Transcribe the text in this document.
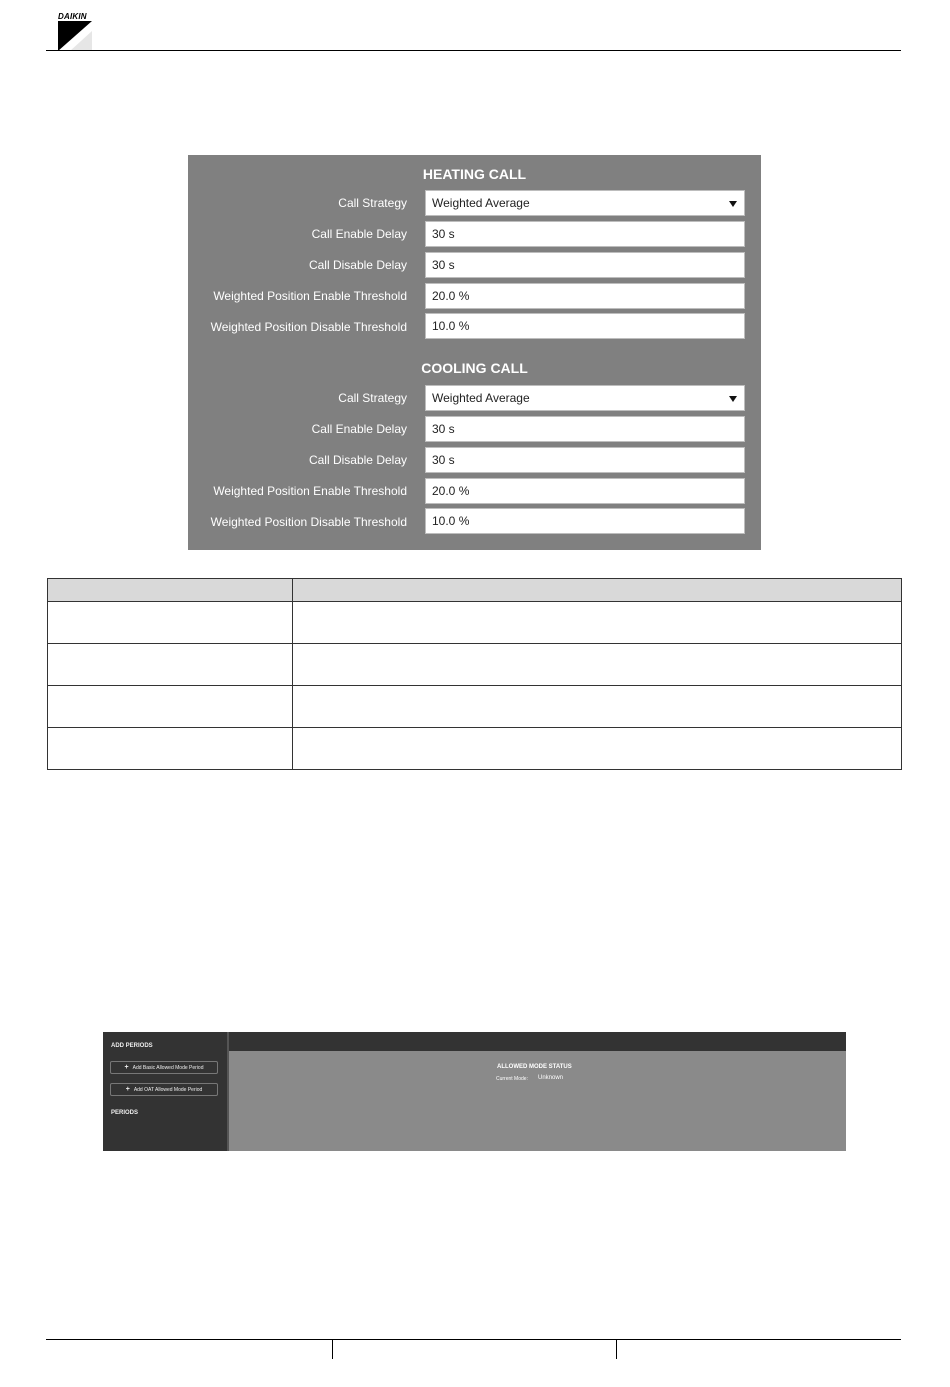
DAIKIN
HEATING CALL
Call Strategy	Weighted Average
Call Enable Delay	30 s
Call Disable Delay	30 s
Weighted Position Enable Threshold	20.0 %
Weighted Position Disable Threshold	10.0 %
COOLING CALL
Call Strategy	Weighted Average
Call Enable Delay	30 s
Call Disable Delay	30 s
Weighted Position Enable Threshold	20.0 %
Weighted Position Disable Threshold	10.0 %

ADD PERIODS
+ Add Basic Allowed Mode Period
+ Add OAT Allowed Mode Period
PERIODS
ALLOWED MODE STATUS
Current Mode: Unknown
